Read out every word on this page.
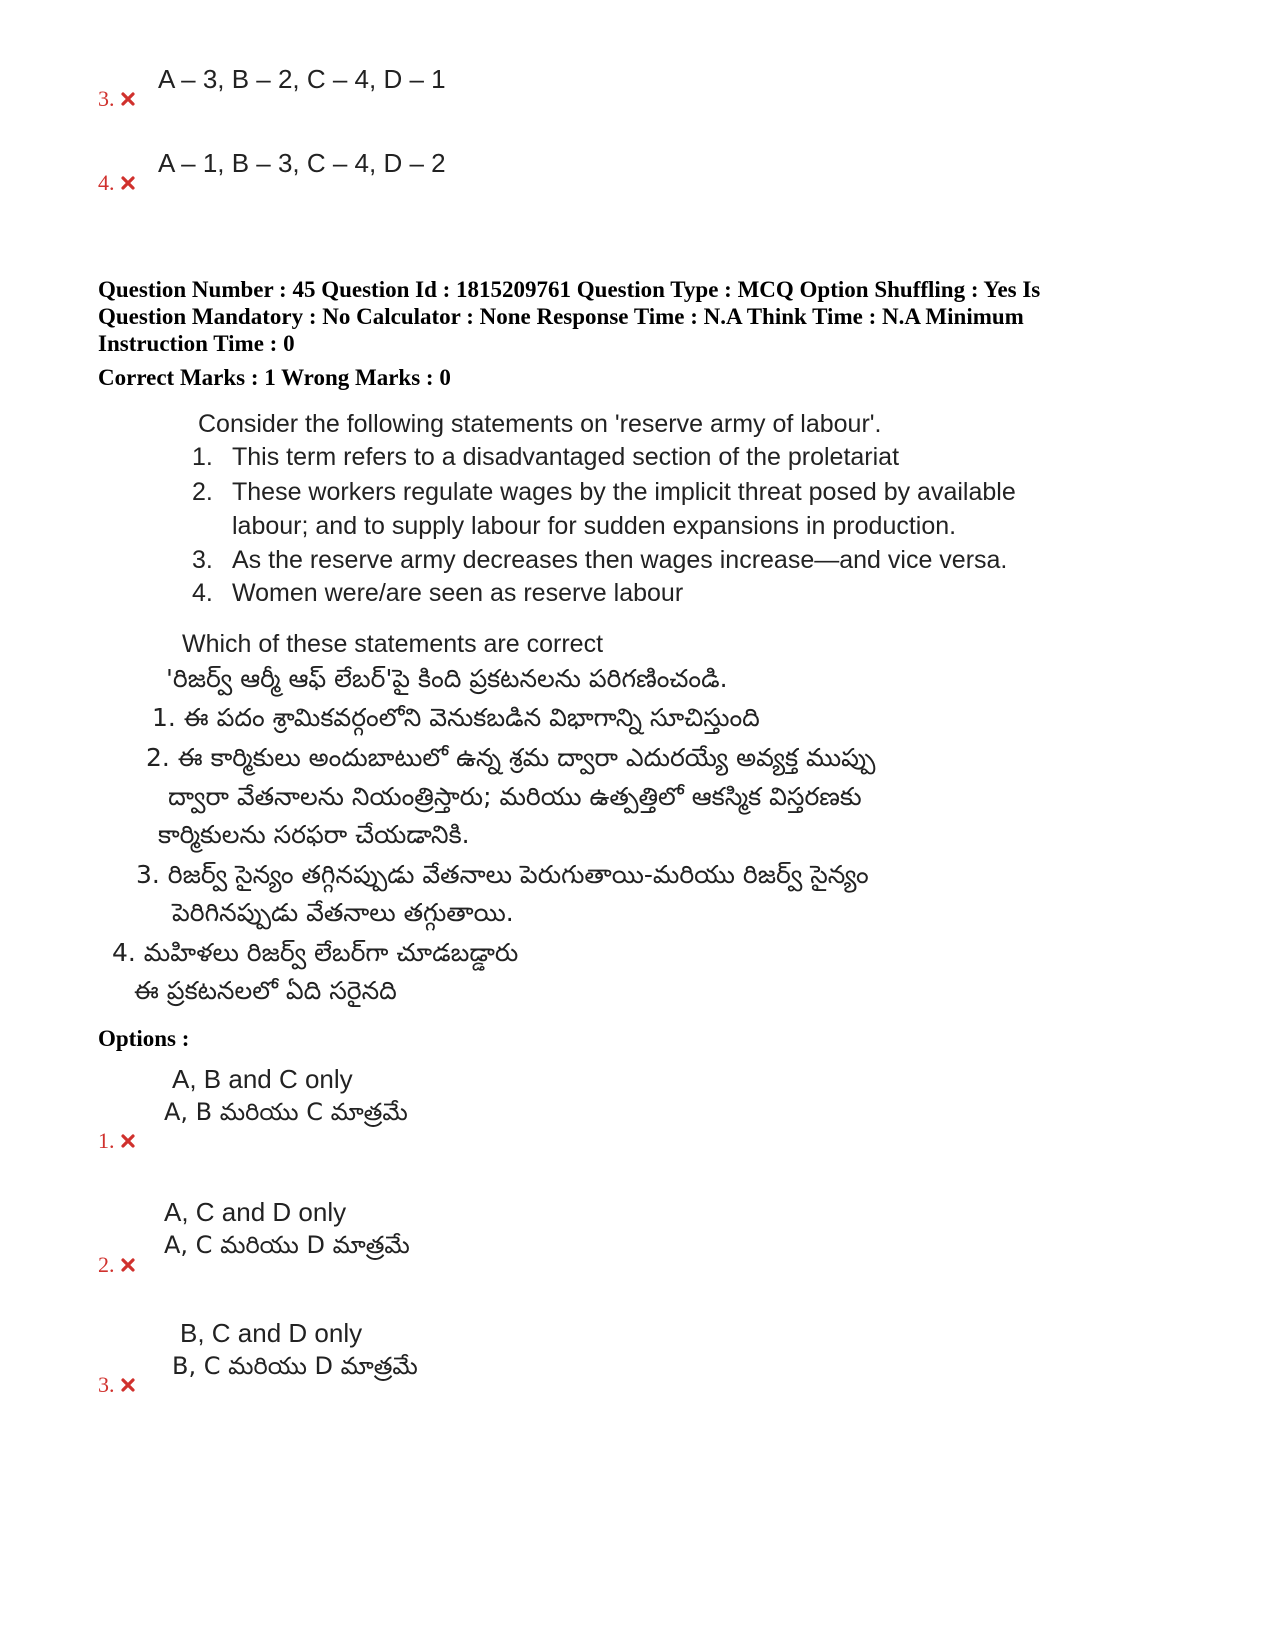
A – 3, B – 2, C – 4, D – 1
3.
A – 1, B – 3, C – 4, D – 2
4.
Question Number : 45 Question Id : 1815209761 Question Type : MCQ Option Shuffling : Yes Is
Question Mandatory : No Calculator : None Response Time : N.A Think Time : N.A Minimum
Instruction Time : 0
Correct Marks : 1 Wrong Marks : 0
Consider the following statements on 'reserve army of labour'.
1. This term refers to a disadvantaged section of the proletariat
2. These workers regulate wages by the implicit threat posed by available
labour; and to supply labour for sudden expansions in production.
3. As the reserve army decreases then wages increase—and vice versa.
4. Women were/are seen as reserve labour
Which of these statements are correct
'రిజర్వ్ ఆర్మీ ఆఫ్ లేబర్'పై కింది ప్రకటనలను పరిగణించండి.
1. ఈ పదం శ్రామికవర్గంలోని వెనుకబడిన విభాగాన్ని సూచిస్తుంది
2. ఈ కార్మికులు అందుబాటులో ఉన్న శ్రమ ద్వారా ఎదురయ్యే అవ్యక్త ముప్పు
ద్వారా వేతనాలను నియంత్రిస్తారు; మరియు ఉత్పత్తిలో ఆకస్మిక విస్తరణకు
కార్మికులను సరఫరా చేయడానికి.
3. రిజర్వ్ సైన్యం తగ్గినప్పుడు వేతనాలు పెరుగుతాయి-మరియు రిజర్వ్ సైన్యం
పెరిగినప్పుడు వేతనాలు తగ్గుతాయి.
4. మహిళలు రిజర్వ్ లేబర్‌గా చూడబడ్డారు
ఈ ప్రకటనలలో ఏది సరైనది
Options :
A, B and C only
A, B మరియు C మాత్రమే
1.
A, C and D only
A, C మరియు D మాత్రమే
2.
B, C and D only
B, C మరియు D మాత్రమే
3.
